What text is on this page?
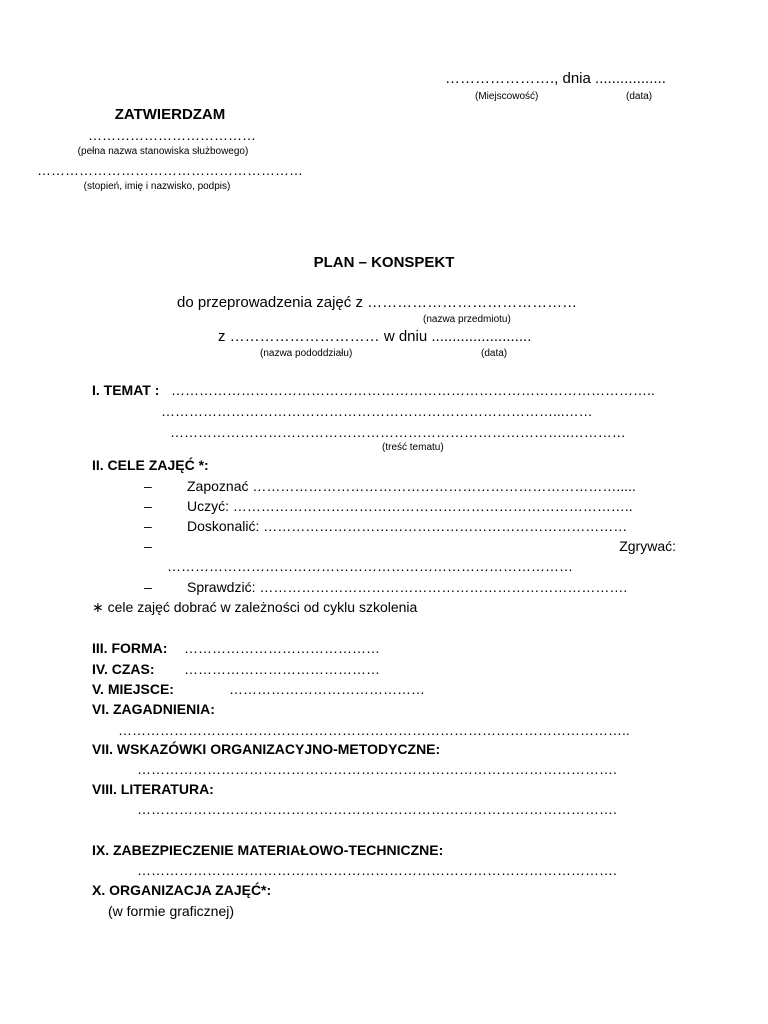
…………………., dnia .................
(Miejscowość)	(data)
ZATWIERDZAM
………………………………
(pełna nazwa stanowiska służbowego)
…………………………………………………
(stopień, imię i nazwisko, podpis)
PLAN – KONSPEKT
do przeprowadzenia zajęć z ……………………………………
(nazwa przedmiotu)
z ………………………… w dniu ........................
(nazwa pododdziału)	(data)
I. TEMAT : …………………………………………………………………………………………..
…………………………………………………………………………...……
…………………………………………………………………………..…………
(treść tematu)
II. CELE ZAJĘĆ *:
–	Zapoznać …………………………………………………………………….....
–	Uczyć: …………………………………………………………………………..
–	Doskonalić: ……………………………………………………………………
–	Zgrywać:
……………………………………………………………………………
–	Sprawdzić: …………………………………………………………………….
∗ cele zajęć dobrać w zależności od cyklu szkolenia
III. FORMA: ……………………………………
IV. CZAS: ……………………………………
V. MIEJSCE:	……………………………………
VI. ZAGADNIENIA:
………………………………………………………………………………………………..
VII. WSKAZÓWKI ORGANIZACYJNO-METODYCZNE:
………………………………………………………………………………………….
VIII. LITERATURA:
………………………………………………………………………………………….
IX. ZABEZPIECZENIE MATERIAŁOWO-TECHNICZNE:
………………………………………………………………………………………….
X. ORGANIZACJA ZAJĘĆ*:
(w formie graficznej)
